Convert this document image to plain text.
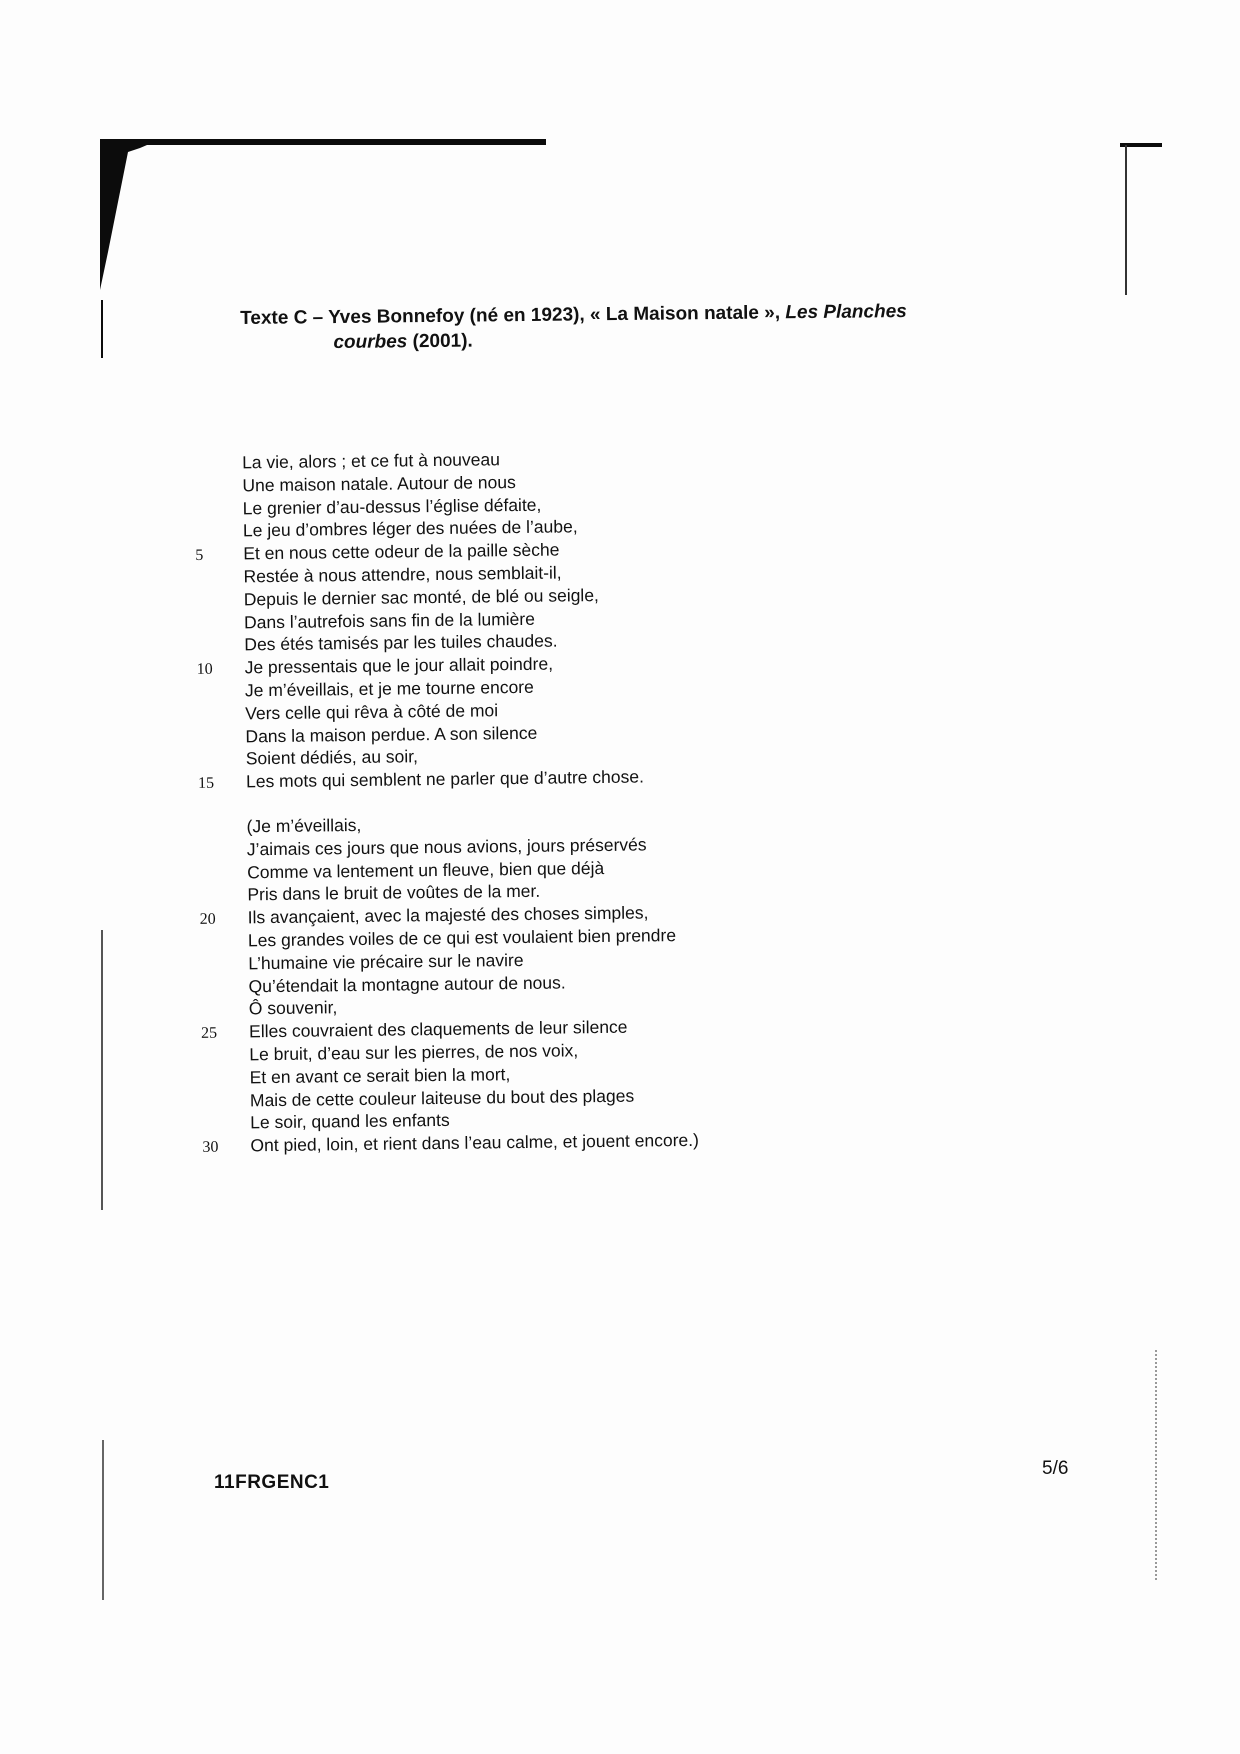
Texte C – Yves Bonnefoy (né en 1923), « La Maison natale », Les Planches
courbes (2001).
La vie, alors ; et ce fut à nouveau
Une maison natale. Autour de nous
Le grenier d’au-dessus l’église défaite,
Le jeu d’ombres léger des nuées de l’aube,
5	Et en nous cette odeur de la paille sèche
Restée à nous attendre, nous semblait-il,
Depuis le dernier sac monté, de blé ou seigle,
Dans l’autrefois sans fin de la lumière
Des étés tamisés par les tuiles chaudes.
10	Je pressentais que le jour allait poindre,
Je m’éveillais, et je me tourne encore
Vers celle qui rêva à côté de moi
Dans la maison perdue. A son silence
Soient dédiés, au soir,
15	Les mots qui semblent ne parler que d’autre chose.
(Je m’éveillais,
J’aimais ces jours que nous avions, jours préservés
Comme va lentement un fleuve, bien que déjà
Pris dans le bruit de voûtes de la mer.
20	Ils avançaient, avec la majesté des choses simples,
Les grandes voiles de ce qui est voulaient bien prendre
L’humaine vie précaire sur le navire
Qu’étendait la montagne autour de nous.
Ô souvenir,
25	Elles couvraient des claquements de leur silence
Le bruit, d’eau sur les pierres, de nos voix,
Et en avant ce serait bien la mort,
Mais de cette couleur laiteuse du bout des plages
Le soir, quand les enfants
30	Ont pied, loin, et rient dans l’eau calme, et jouent encore.)
11FRGENC1
5/6
